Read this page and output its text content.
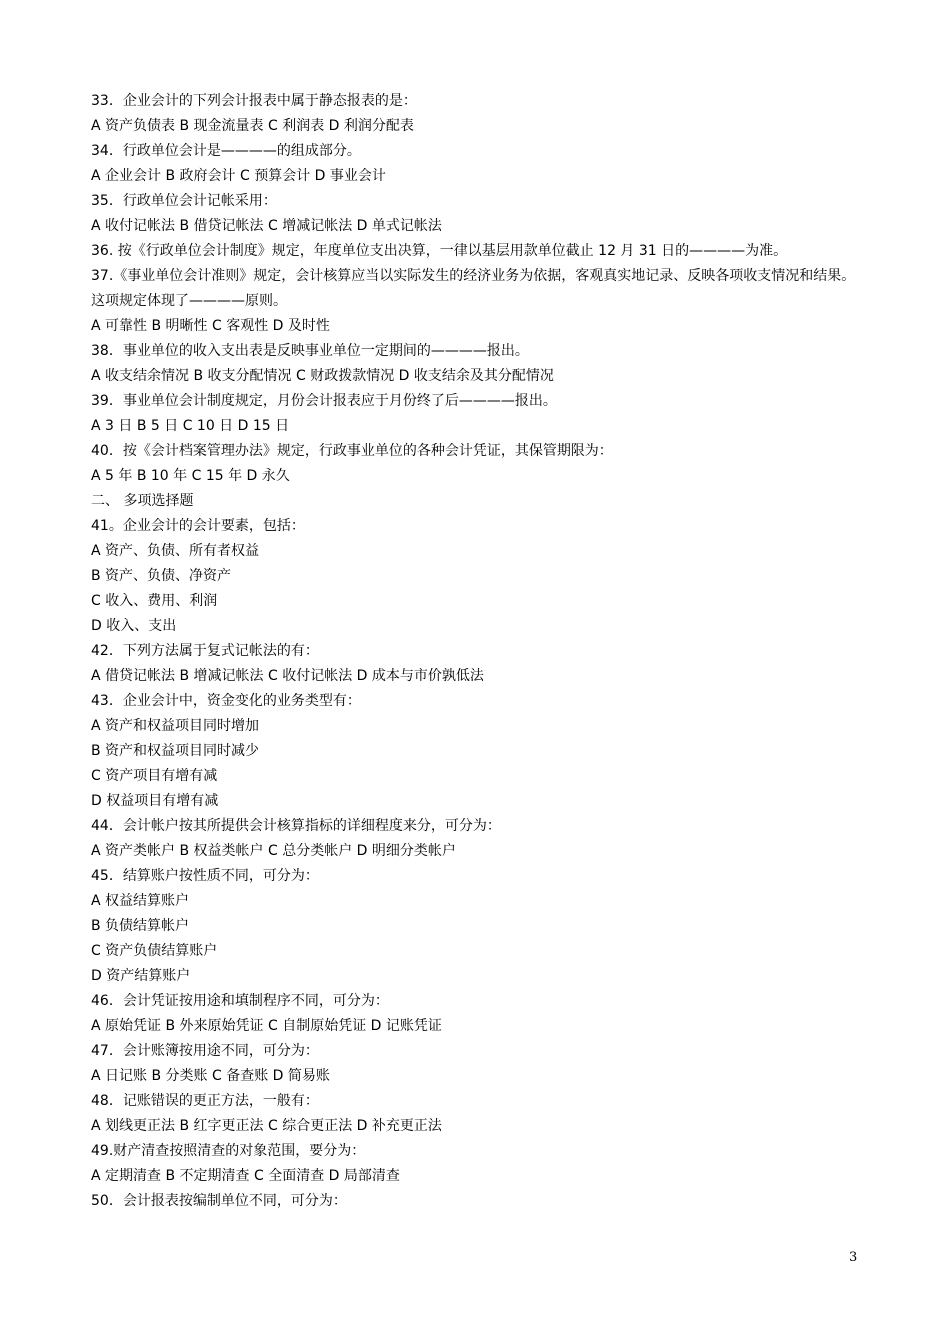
33．企业会计的下列会计报表中属于静态报表的是：
A 资产负债表 B 现金流量表 C 利润表 D 利润分配表
34．行政单位会计是————的组成部分。
A 企业会计 B 政府会计 C 预算会计 D 事业会计
35．行政单位会计记帐采用：
A 收付记帐法 B 借贷记帐法 C 增减记帐法 D 单式记帐法
36. 按《行政单位会计制度》规定，年度单位支出决算，一律以基层用款单位截止 12 月 31 日的————为准。
37.《事业单位会计准则》规定，会计核算应当以实际发生的经济业务为依据，客观真实地记录、反映各项收支情况和结果。这项规定体现了————原则。
A 可靠性 B 明晰性 C 客观性 D 及时性
38．事业单位的收入支出表是反映事业单位一定期间的————报出。
A 收支结余情况 B 收支分配情况 C 财政拨款情况 D 收支结余及其分配情况
39．事业单位会计制度规定，月份会计报表应于月份终了后————报出。
A 3 日 B 5 日 C 10 日 D 15 日
40．按《会计档案管理办法》规定，行政事业单位的各种会计凭证，其保管期限为：
A 5 年 B 10 年 C 15 年 D 永久
二、 多项选择题
41。企业会计的会计要素，包括：
A 资产、负债、所有者权益
B 资产、负债、净资产
C 收入、费用、利润
D 收入、支出
42．下列方法属于复式记帐法的有：
A 借贷记帐法 B 增减记帐法 C 收付记帐法 D 成本与市价孰低法
43．企业会计中，资金变化的业务类型有：
A 资产和权益项目同时增加
B 资产和权益项目同时减少
C 资产项目有增有减
D 权益项目有增有减
44．会计帐户按其所提供会计核算指标的详细程度来分，可分为：
A 资产类帐户 B 权益类帐户 C 总分类帐户 D 明细分类帐户
45．结算账户按性质不同，可分为：
A 权益结算账户
B 负债结算帐户
C 资产负债结算账户
D 资产结算账户
46．会计凭证按用途和填制程序不同，可分为：
A 原始凭证 B 外来原始凭证 C 自制原始凭证 D 记账凭证
47．会计账簿按用途不同，可分为：
A 日记账 B 分类账 C 备查账 D 简易账
48．记账错误的更正方法，一般有：
A 划线更正法 B 红字更正法 C 综合更正法 D 补充更正法
49.财产清查按照清查的对象范围，要分为：
A 定期清查 B 不定期清查 C 全面清查 D 局部清查
50．会计报表按编制单位不同，可分为：
3
